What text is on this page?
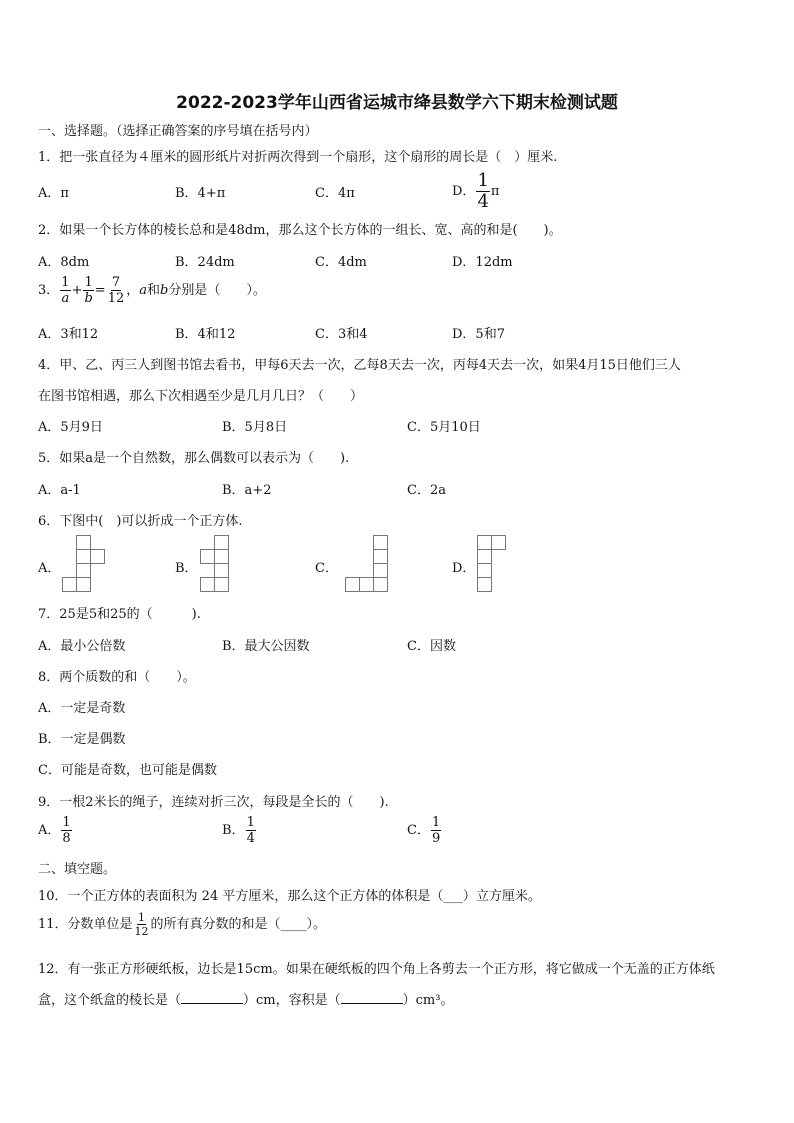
2022-2023学年山西省运城市绛县数学六下期末检测试题
一、选择题。（选择正确答案的序号填在括号内）
1．把一张直径为４厘米的圆形纸片对折两次得到一个扇形，这个扇形的周长是（　）厘米.
A．π	B．4+π	C．4π	D． $\frac{1}{4}$ π
2．如果一个长方体的棱长总和是48dm，那么这个长方体的一组长、宽、高的和是(　　)。
A．8dm	B．24dm	C．4dm	D．12dm
3． $\frac{1}{a} + \frac{1}{b} = \frac{7}{12}$ ，a和b分别是（　　）。
A．3和12	B．4和12	C．3和4	D．5和7
4．甲、乙、丙三人到图书馆去看书，甲每6天去一次，乙每8天去一次，丙每4天去一次，如果4月15日他们三人
在图书馆相遇，那么下次相遇至少是几月几日？（　　）
A．5月9日	B．5月8日	C．5月10日
5．如果a是一个自然数，那么偶数可以表示为（　　).
A．a-1	B．a+2	C．2a
6．下图中(　)可以折成一个正方体.
A．	B．	C．	D．
7．25是5和25的（　　　).
A．最小公倍数	B．最大公因数	C．因数
8．两个质数的和（　　）。
A．一定是奇数
B．一定是偶数
C．可能是奇数，也可能是偶数
9．一根2米长的绳子，连续对折三次，每段是全长的（　　).
A． $\frac{1}{8}$	B． $\frac{1}{4}$	C． $\frac{1}{9}$
二、填空题。
10．一个正方体的表面积为 24 平方厘米，那么这个正方体的体积是（___）立方厘米。
11．分数单位是 $\frac{1}{12}$ 的所有真分数的和是（____）。
12．有一张正方形硬纸板，边长是15cm。如果在硬纸板的四个角上各剪去一个正方形，将它做成一个无盖的正方体纸
盒，这个纸盒的棱长是（	）cm，容积是（	）cm³。
